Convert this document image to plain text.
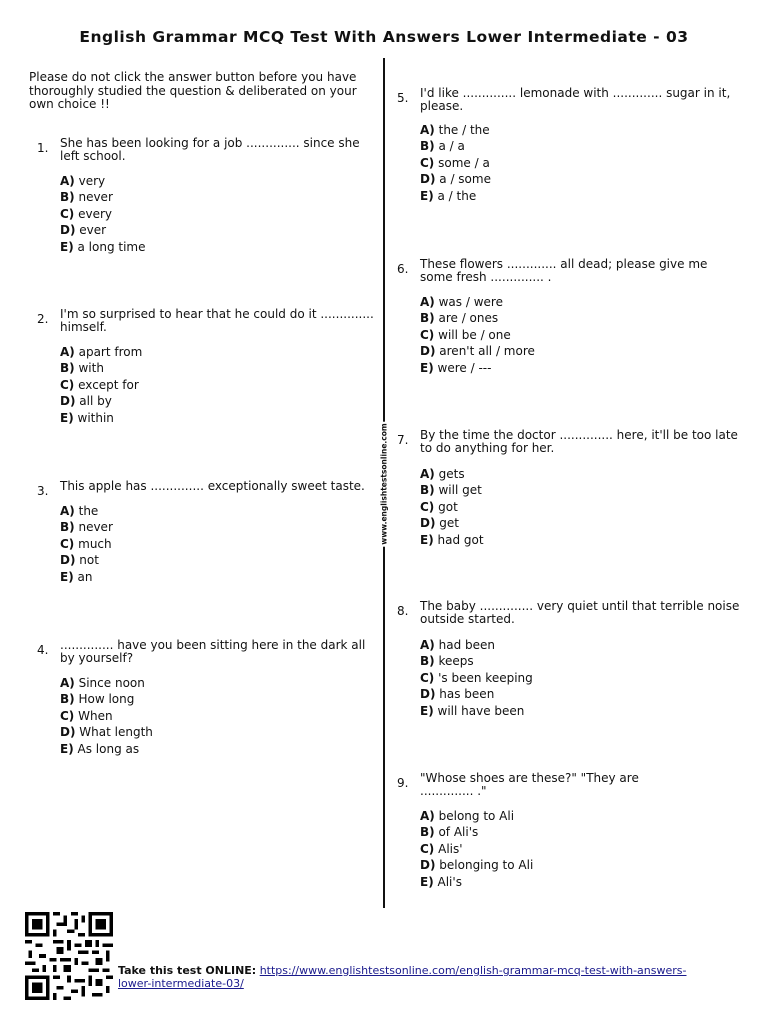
English Grammar MCQ Test With Answers Lower Intermediate - 03
Please do not click the answer button before you have thoroughly studied the question & deliberated on your own choice !!
www.englishtestsonline.com
1. She has been looking for a job .............. since she left school.
A) very
B) never
C) every
D) ever
E) a long time
2. I'm so surprised to hear that he could do it .............. himself.
A) apart from
B) with
C) except for
D) all by
E) within
3. This apple has .............. exceptionally sweet taste.
A) the
B) never
C) much
D) not
E) an
4. .............. have you been sitting here in the dark all by yourself?
A) Since noon
B) How long
C) When
D) What length
E) As long as
5. I'd like .............. lemonade with ............. sugar in it, please.
A) the / the
B) a / a
C) some / a
D) a / some
E) a / the
6. These flowers ............. all dead; please give me some fresh .............. .
A) was / were
B) are / ones
C) will be / one
D) aren't all / more
E) were / ---
7. By the time the doctor .............. here, it'll be too late to do anything for her.
A) gets
B) will get
C) got
D) get
E) had got
8. The baby .............. very quiet until that terrible noise outside started.
A) had been
B) keeps
C) 's been keeping
D) has been
E) will have been
9. "Whose shoes are these?" "They are .............. ."
A) belong to Ali
B) of Ali's
C) Alis'
D) belonging to Ali
E) Ali's
Take this test ONLINE: https://www.englishtestsonline.com/english-grammar-mcq-test-with-answers-lower-intermediate-03/
